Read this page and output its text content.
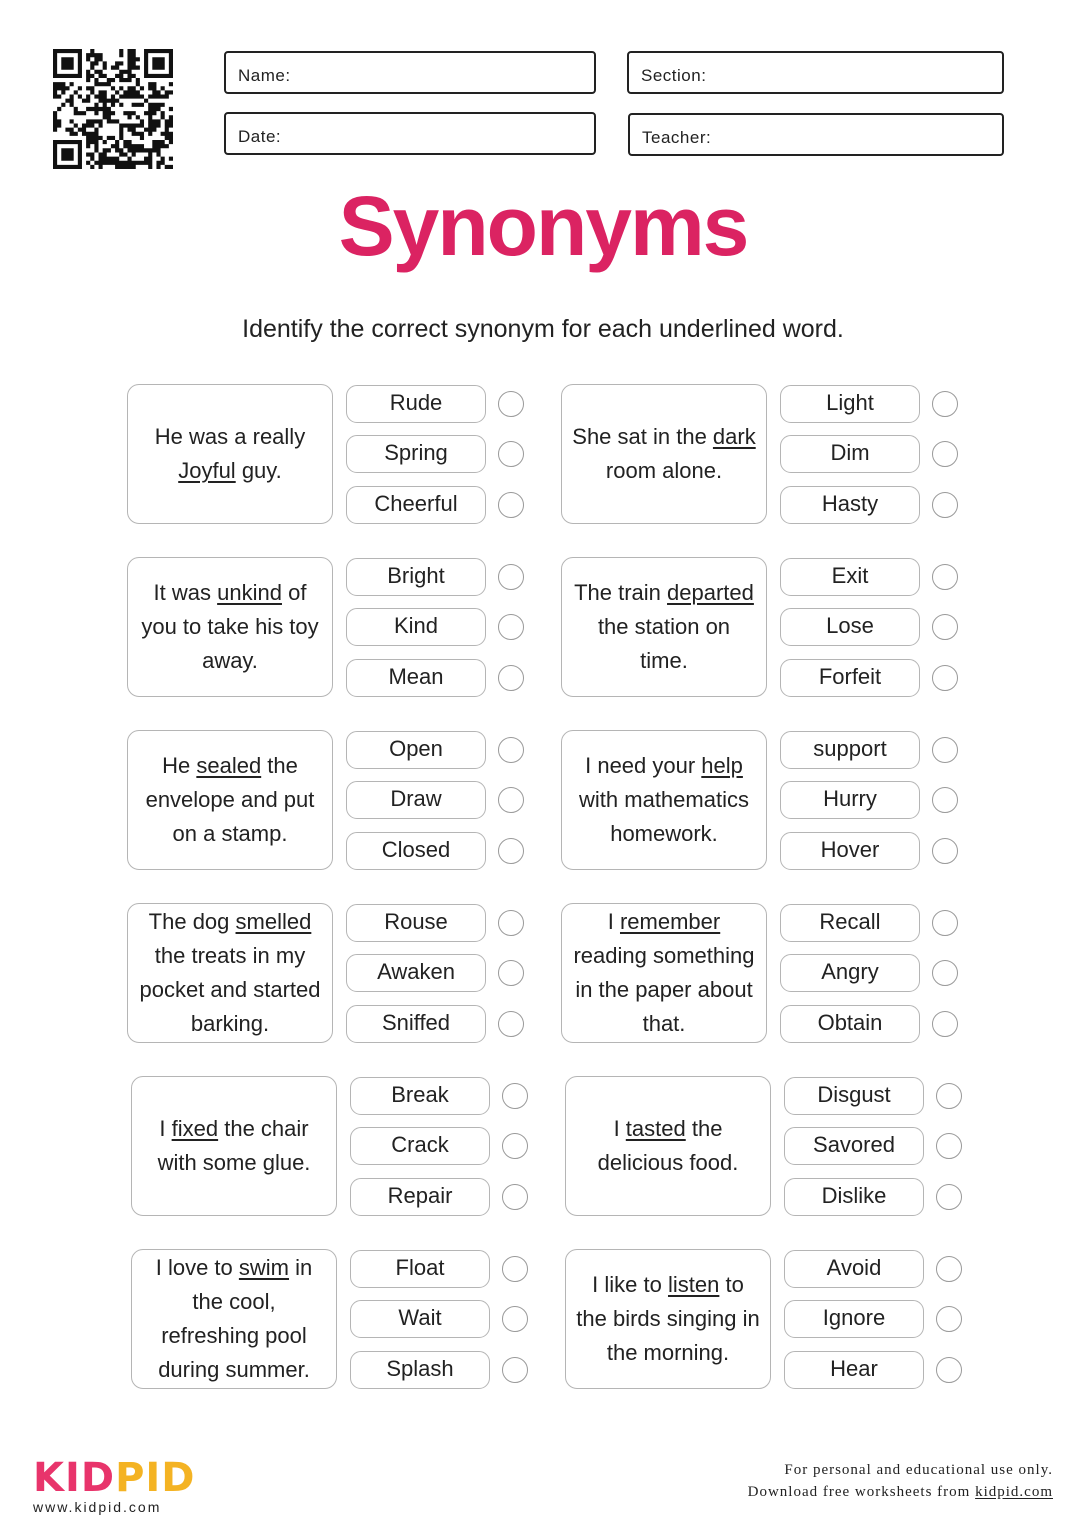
Name:	Section:
Date:	Teacher:
Synonyms

Identify the correct synonym for each underlined word.

He was a really Joyful guy.
Rude
Spring
Cheerful
She sat in the dark room alone.
Light
Dim
Hasty
It was unkind of you to take his toy away.
Bright
Kind
Mean
The train departed the station on time.
Exit
Lose
Forfeit
He sealed the envelope and put on a stamp.
Open
Draw
Closed
I need your help with mathematics homework.
support
Hurry
Hover
The dog smelled the treats in my pocket and started barking.
Rouse
Awaken
Sniffed
I remember reading something in the paper about that.
Recall
Angry
Obtain
I fixed the chair with some glue.
Break
Crack
Repair
I tasted the delicious food.
Disgust
Savored
Dislike
I love to swim in the cool, refreshing pool during summer.
Float
Wait
Splash
I like to listen to the birds singing in the morning.
Avoid
Ignore
Hear
KIDPID
www.kidpid.com
For personal and educational use only.
Download free worksheets from kidpid.com
